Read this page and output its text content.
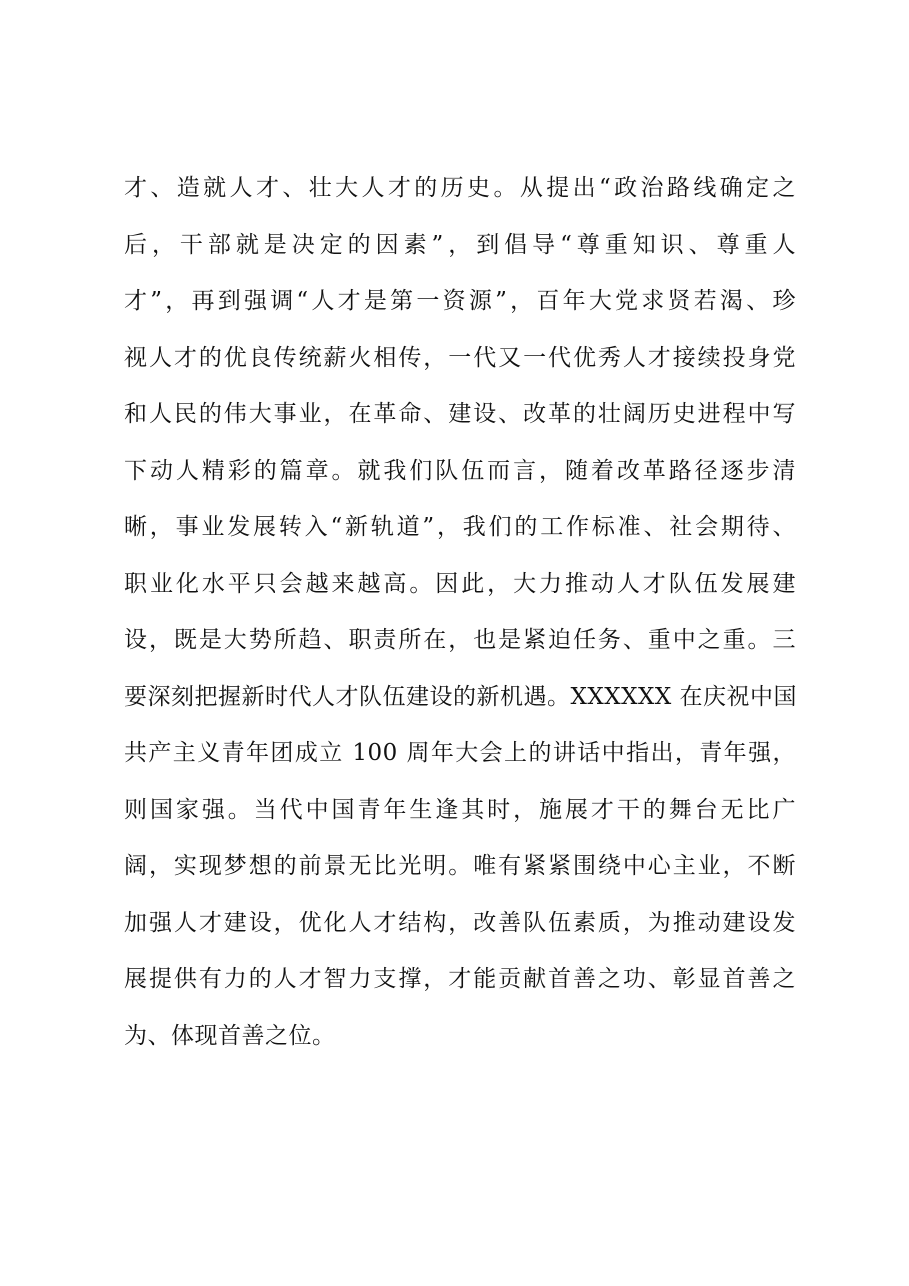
才、造就人才、壮大人才的历史。从提出“政治路线确定之
后，干部就是决定的因素”，到倡导“尊重知识、尊重人
才”，再到强调“人才是第一资源”，百年大党求贤若渴、珍
视人才的优良传统薪火相传，一代又一代优秀人才接续投身党
和人民的伟大事业，在革命、建设、改革的壮阔历史进程中写
下动人精彩的篇章。就我们队伍而言，随着改革路径逐步清
晰，事业发展转入“新轨道”，我们的工作标准、社会期待、
职业化水平只会越来越高。因此，大力推动人才队伍发展建
设，既是大势所趋、职责所在，也是紧迫任务、重中之重。三
要深刻把握新时代人才队伍建设的新机遇。XXXXXX 在庆祝中国
共产主义青年团成立 100 周年大会上的讲话中指出，青年强，
则国家强。当代中国青年生逢其时，施展才干的舞台无比广
阔，实现梦想的前景无比光明。唯有紧紧围绕中心主业，不断
加强人才建设，优化人才结构，改善队伍素质，为推动建设发
展提供有力的人才智力支撑，才能贡献首善之功、彰显首善之
为、体现首善之位。
